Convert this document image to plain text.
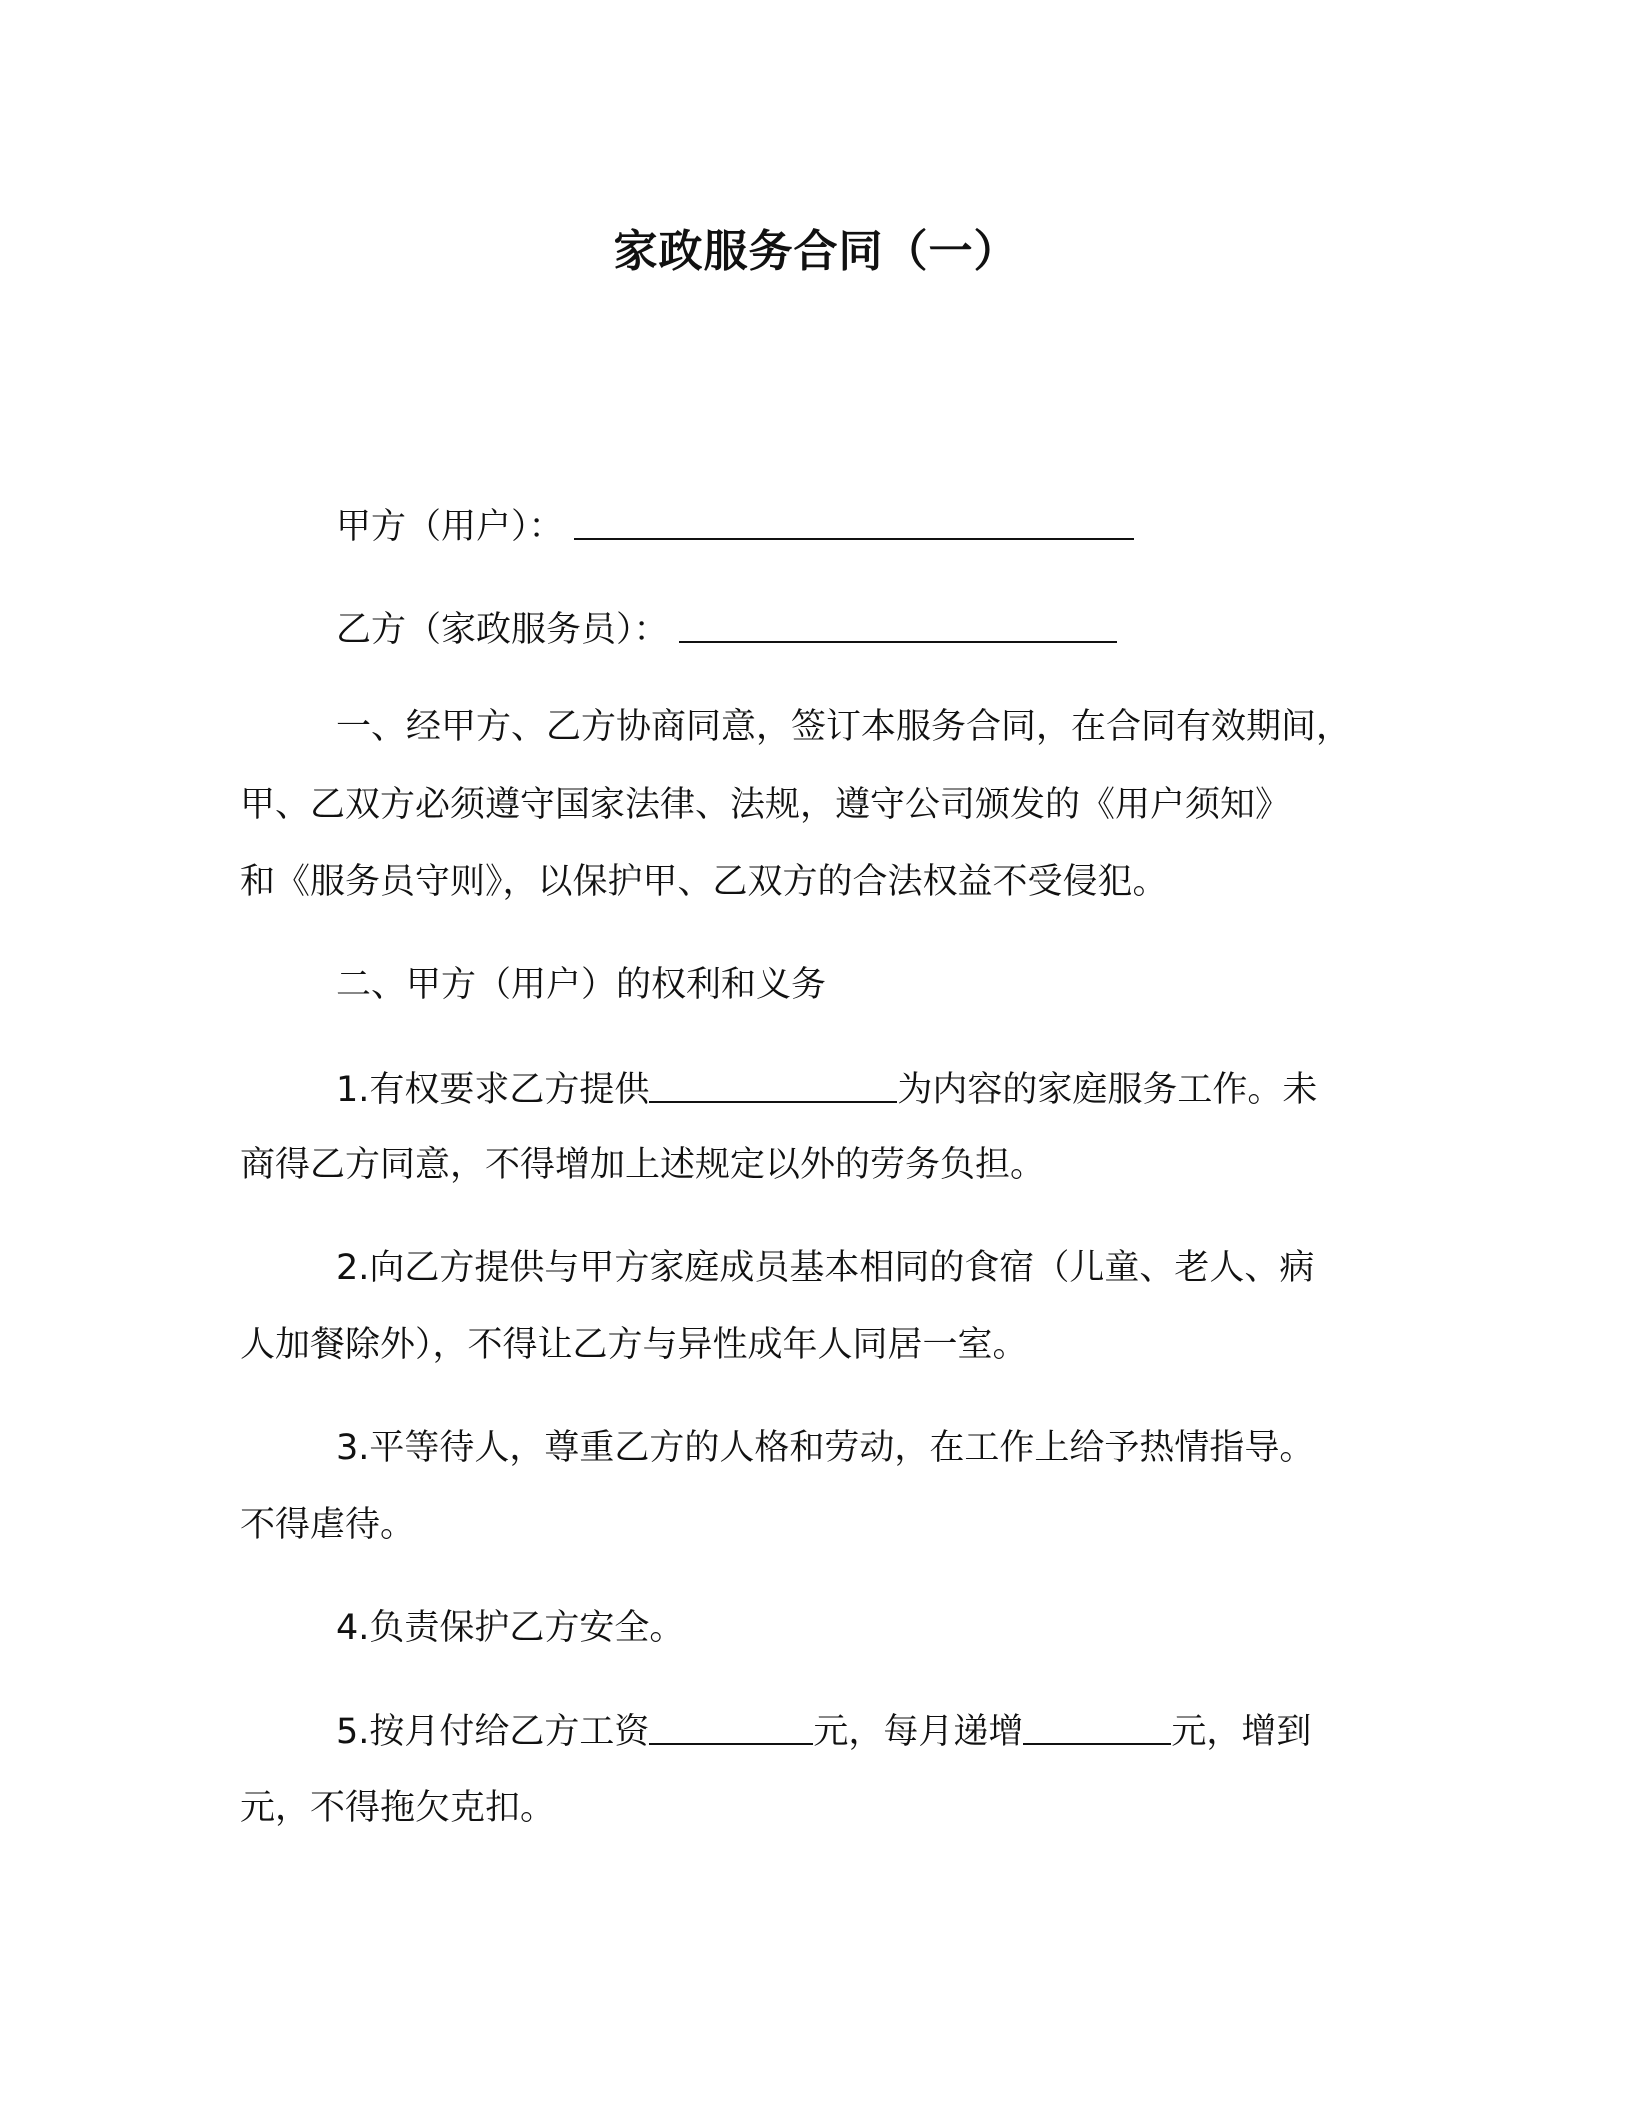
家政服务合同（一）
甲方（用户）：
乙方（家政服务员）：
一、经甲方、乙方协商同意，签订本服务合同，在合同有效期间，
甲、乙双方必须遵守国家法律、法规，遵守公司颁发的《用户须知》
和《服务员守则》，以保护甲、乙双方的合法权益不受侵犯。
二、甲方（用户）的权利和义务
1.有权要求乙方提供	为内容的家庭服务工作。未
商得乙方同意，不得增加上述规定以外的劳务负担。
2.向乙方提供与甲方家庭成员基本相同的食宿（儿童、老人、病
人加餐除外），不得让乙方与异性成年人同居一室。
3.平等待人，尊重乙方的人格和劳动，在工作上给予热情指导。
不得虐待。
4.负责保护乙方安全。
5.按月付给乙方工资	元，每月递增	元，增到
元，不得拖欠克扣。
